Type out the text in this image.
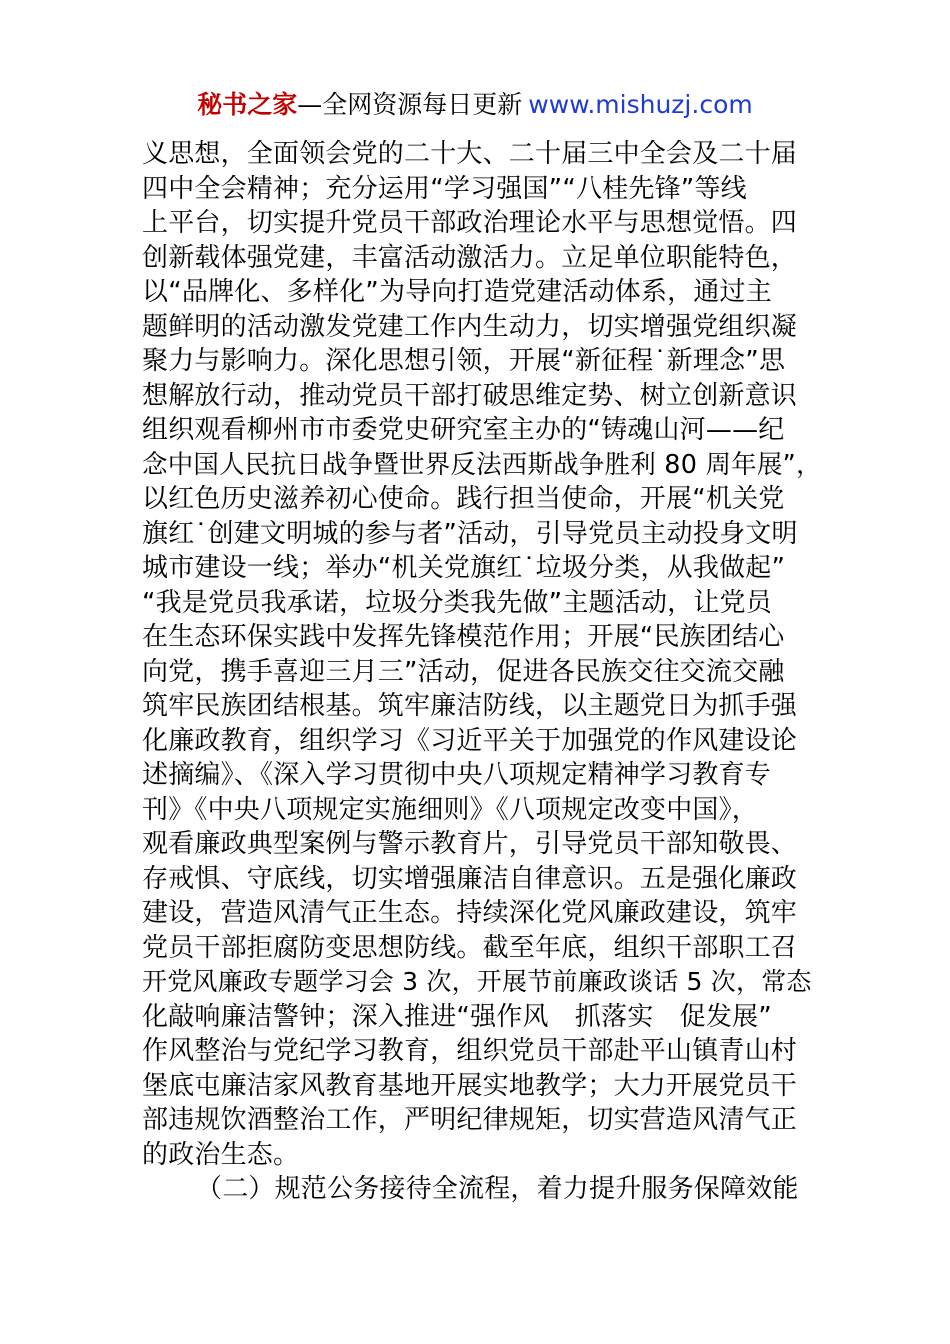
秘书之家—全网资源每日更新 www.mishuzj.com
义思想，全面领会党的二十大、二十届三中全会及二十届
四中全会精神；充分运用“学习强国”“八桂先锋”等线
上平台，切实提升党员干部政治理论水平与思想觉悟。四
创新载体强党建，丰富活动激活力。立足单位职能特色，
以“品牌化、多样化”为导向打造党建活动体系，通过主
题鲜明的活动激发党建工作内生动力，切实增强党组织凝
聚力与影响力。深化思想引领，开展“新征程˙新理念”思
想解放行动，推动党员干部打破思维定势、树立创新意识
组织观看柳州市市委党史研究室主办的“铸魂山河——纪
念中国人民抗日战争暨世界反法西斯战争胜利 80 周年展”，
以红色历史滋养初心使命。践行担当使命，开展“机关党
旗红˙创建文明城的参与者”活动，引导党员主动投身文明
城市建设一线；举办“机关党旗红˙垃圾分类，从我做起”
“我是党员我承诺，垃圾分类我先做”主题活动，让党员
在生态环保实践中发挥先锋模范作用；开展“民族团结心
向党，携手喜迎三月三”活动，促进各民族交往交流交融
筑牢民族团结根基。筑牢廉洁防线，以主题党日为抓手强
化廉政教育，组织学习《习近平关于加强党的作风建设论
述摘编》、《深入学习贯彻中央八项规定精神学习教育专
刊》《中央八项规定实施细则》《八项规定改变中国》，
观看廉政典型案例与警示教育片，引导党员干部知敬畏、
存戒惧、守底线，切实增强廉洁自律意识。五是强化廉政
建设，营造风清气正生态。持续深化党风廉政建设，筑牢
党员干部拒腐防变思想防线。截至年底，组织干部职工召
开党风廉政专题学习会 3 次，开展节前廉政谈话 5 次，常态
化敲响廉洁警钟；深入推进“强作风　抓落实　促发展”
作风整治与党纪学习教育，组织党员干部赴平山镇青山村
堡底屯廉洁家风教育基地开展实地教学；大力开展党员干
部违规饮酒整治工作，严明纪律规矩，切实营造风清气正
的政治生态。
（二）规范公务接待全流程，着力提升服务保障效能
